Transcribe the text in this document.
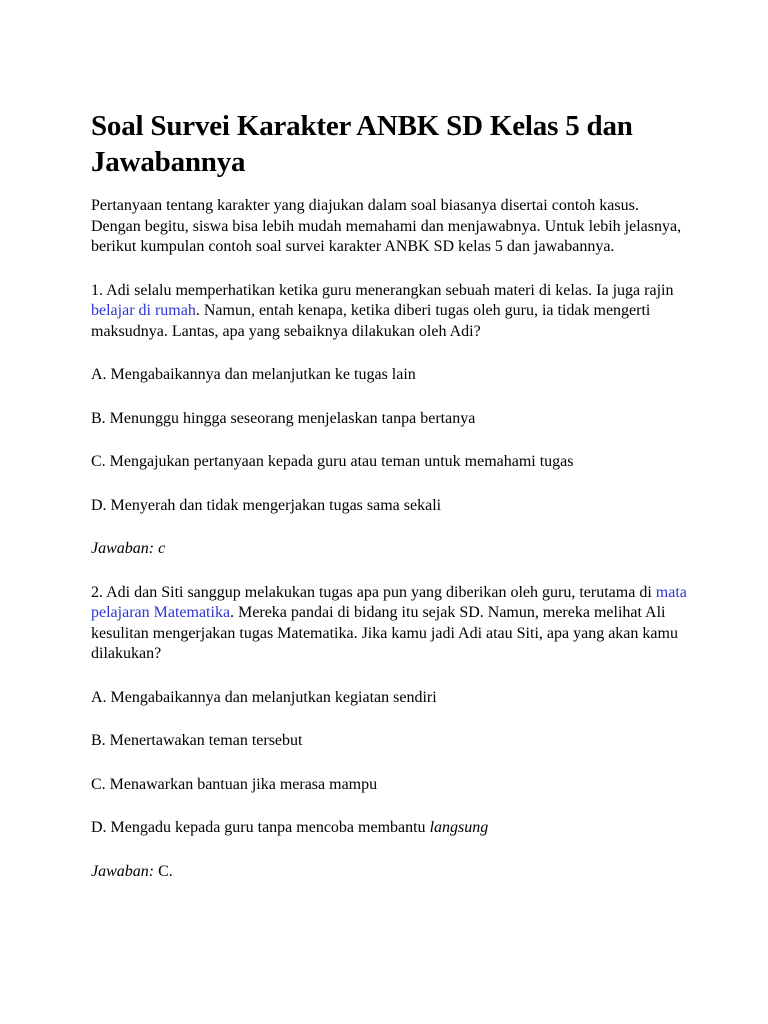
Soal Survei Karakter ANBK SD Kelas 5 dan Jawabannya

Pertanyaan tentang karakter yang diajukan dalam soal biasanya disertai contoh kasus. Dengan begitu, siswa bisa lebih mudah memahami dan menjawabnya. Untuk lebih jelasnya, berikut kumpulan contoh soal survei karakter ANBK SD kelas 5 dan jawabannya.

1. Adi selalu memperhatikan ketika guru menerangkan sebuah materi di kelas. Ia juga rajin belajar di rumah. Namun, entah kenapa, ketika diberi tugas oleh guru, ia tidak mengerti maksudnya. Lantas, apa yang sebaiknya dilakukan oleh Adi?

A. Mengabaikannya dan melanjutkan ke tugas lain

B. Menunggu hingga seseorang menjelaskan tanpa bertanya

C. Mengajukan pertanyaan kepada guru atau teman untuk memahami tugas

D. Menyerah dan tidak mengerjakan tugas sama sekali

Jawaban: c

2. Adi dan Siti sanggup melakukan tugas apa pun yang diberikan oleh guru, terutama di mata pelajaran Matematika. Mereka pandai di bidang itu sejak SD. Namun, mereka melihat Ali kesulitan mengerjakan tugas Matematika. Jika kamu jadi Adi atau Siti, apa yang akan kamu dilakukan?

A. Mengabaikannya dan melanjutkan kegiatan sendiri

B. Menertawakan teman tersebut

C. Menawarkan bantuan jika merasa mampu

D. Mengadu kepada guru tanpa mencoba membantu langsung

Jawaban: C.
